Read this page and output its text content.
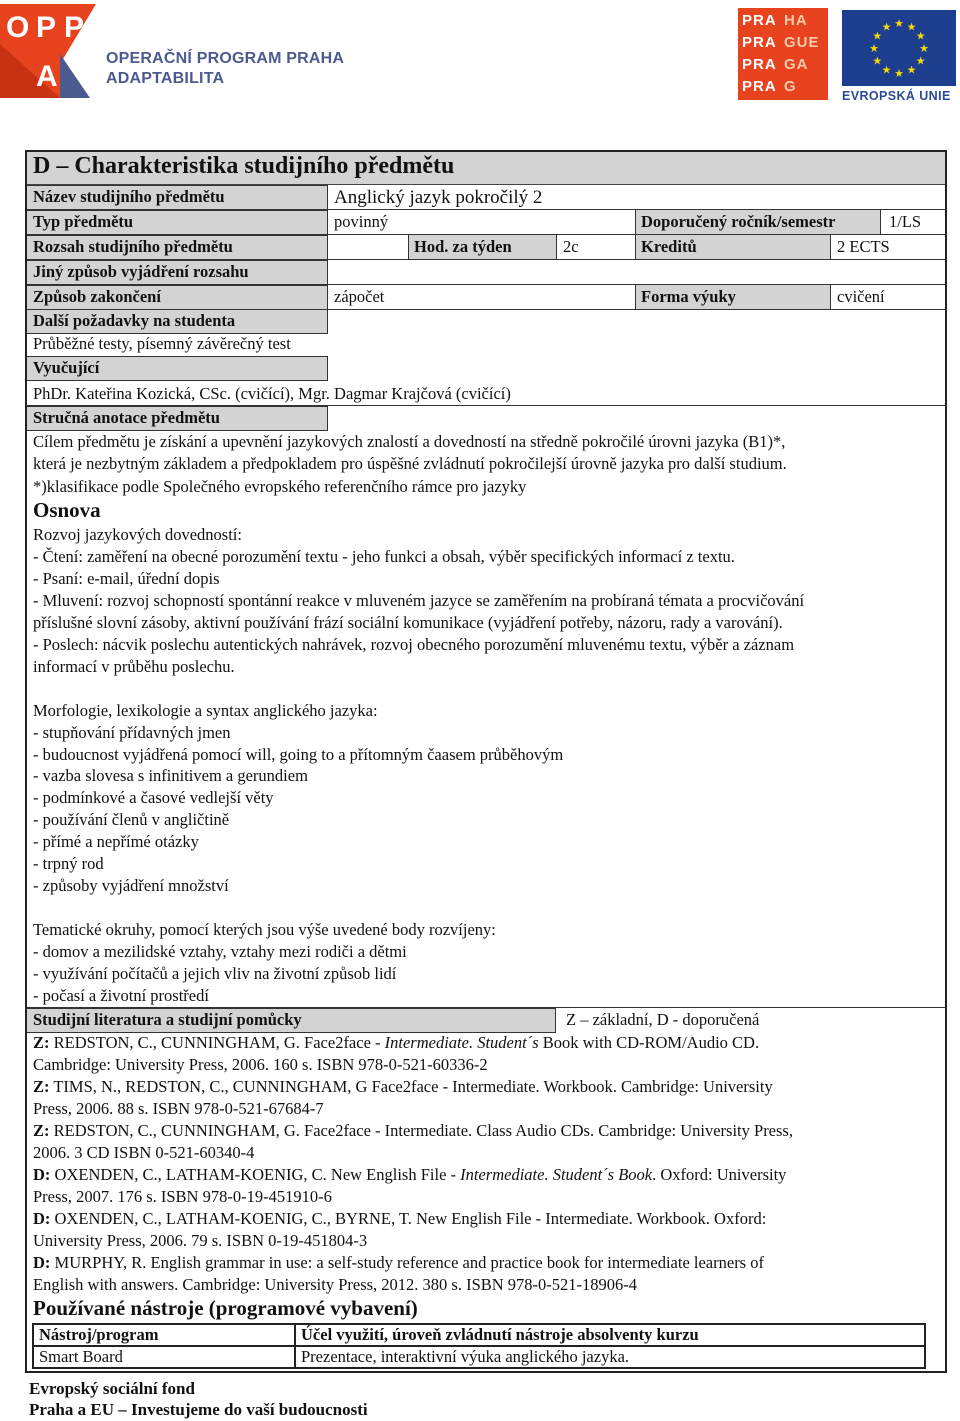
O P P
A
OPERAČNÍ PROGRAM PRAHA
ADAPTABILITA
PRA HA
PRA GUE
PRA GA
PRA G
★
★
★
★
★
★
★
★
★ ★ ★
★
EVROPSKÁ UNIE
D – Charakteristika studijního předmětu
Název studijního předmětu	Anglický jazyk pokročilý 2
Typ předmětu	povinný	Doporučený ročník/semestr	1/LS
Rozsah studijního předmětu	Hod. za týden	2c	Kreditů	2 ECTS
Jiný způsob vyjádření rozsahu
Způsob zakončení	zápočet	Forma výuky	cvičení
Další požadavky na studenta
Průběžné testy, písemný závěrečný test
Vyučující
PhDr. Kateřina Kozická, CSc. (cvičící), Mgr. Dagmar Krajčová (cvičící)
Stručná anotace předmětu
Osnova
Studijní literatura a studijní pomůcky	Z – základní, D - doporučená
Používané nástroje (programové vybavení)
Nástroj/program	Účel využití, úroveň zvládnutí nástroje absolventy kurzu
Smart Board	Prezentace, interaktivní výuka anglického jazyka.
Evropský sociální fond
Praha a EU – Investujeme do vaší budoucnosti
Cílem předmětu je získání a upevnění jazykových znalostí a dovedností na středně pokročilé úrovni jazyka (B1)*,
která je nezbytným základem a předpokladem pro úspěšné zvládnutí pokročilejší úrovně jazyka pro další studium.
*)klasifikace podle Společného evropského referenčního rámce pro jazyky
Rozvoj jazykových dovedností:
- Čtení: zaměření na obecné porozumění textu - jeho funkci a obsah, výběr specifických informací z textu.
- Psaní: e-mail, úřední dopis
- Mluvení: rozvoj schopností spontánní reakce v mluveném jazyce se zaměřením na probíraná témata a procvičování
příslušné slovní zásoby, aktivní používání frází sociální komunikace (vyjádření potřeby, názoru, rady a varování).
- Poslech: nácvik poslechu autentických nahrávek, rozvoj obecného porozumění mluvenému textu, výběr a záznam
informací v průběhu poslechu.
Morfologie, lexikologie a syntax anglického jazyka:
- stupňování přídavných jmen
- budoucnost vyjádřená pomocí will, going to a přítomným čaasem průběhovým
- vazba slovesa s infinitivem a gerundiem
- podmínkové a časové vedlejší věty
- používání členů v angličtině
- přímé a nepřímé otázky
- trpný rod
- způsoby vyjádření množství
Tematické okruhy, pomocí kterých jsou výše uvedené body rozvíjeny:
- domov a mezilidské vztahy, vztahy mezi rodiči a dětmi
- využívání počítačů a jejich vliv na životní způsob lidí
- počasí a životní prostředí
Z: REDSTON, C., CUNNINGHAM, G. Face2face - Intermediate. Student´s Book with CD-ROM/Audio CD.
Cambridge: University Press, 2006. 160 s. ISBN 978-0-521-60336-2
Z: TIMS, N., REDSTON, C., CUNNINGHAM, G Face2face - Intermediate. Workbook. Cambridge: University
Press, 2006. 88 s. ISBN 978-0-521-67684-7
Z: REDSTON, C., CUNNINGHAM, G. Face2face - Intermediate. Class Audio CDs. Cambridge: University Press,
2006. 3 CD ISBN 0-521-60340-4
D: OXENDEN, C., LATHAM-KOENIG, C. New English File - Intermediate. Student´s Book. Oxford: University
Press, 2007. 176 s. ISBN 978-0-19-451910-6
D: OXENDEN, C., LATHAM-KOENIG, C., BYRNE, T. New English File - Intermediate. Workbook. Oxford:
University Press, 2006. 79 s. ISBN 0-19-451804-3
D: MURPHY, R. English grammar in use: a self-study reference and practice book for intermediate learners of
English with answers. Cambridge: University Press, 2012. 380 s. ISBN 978-0-521-18906-4
